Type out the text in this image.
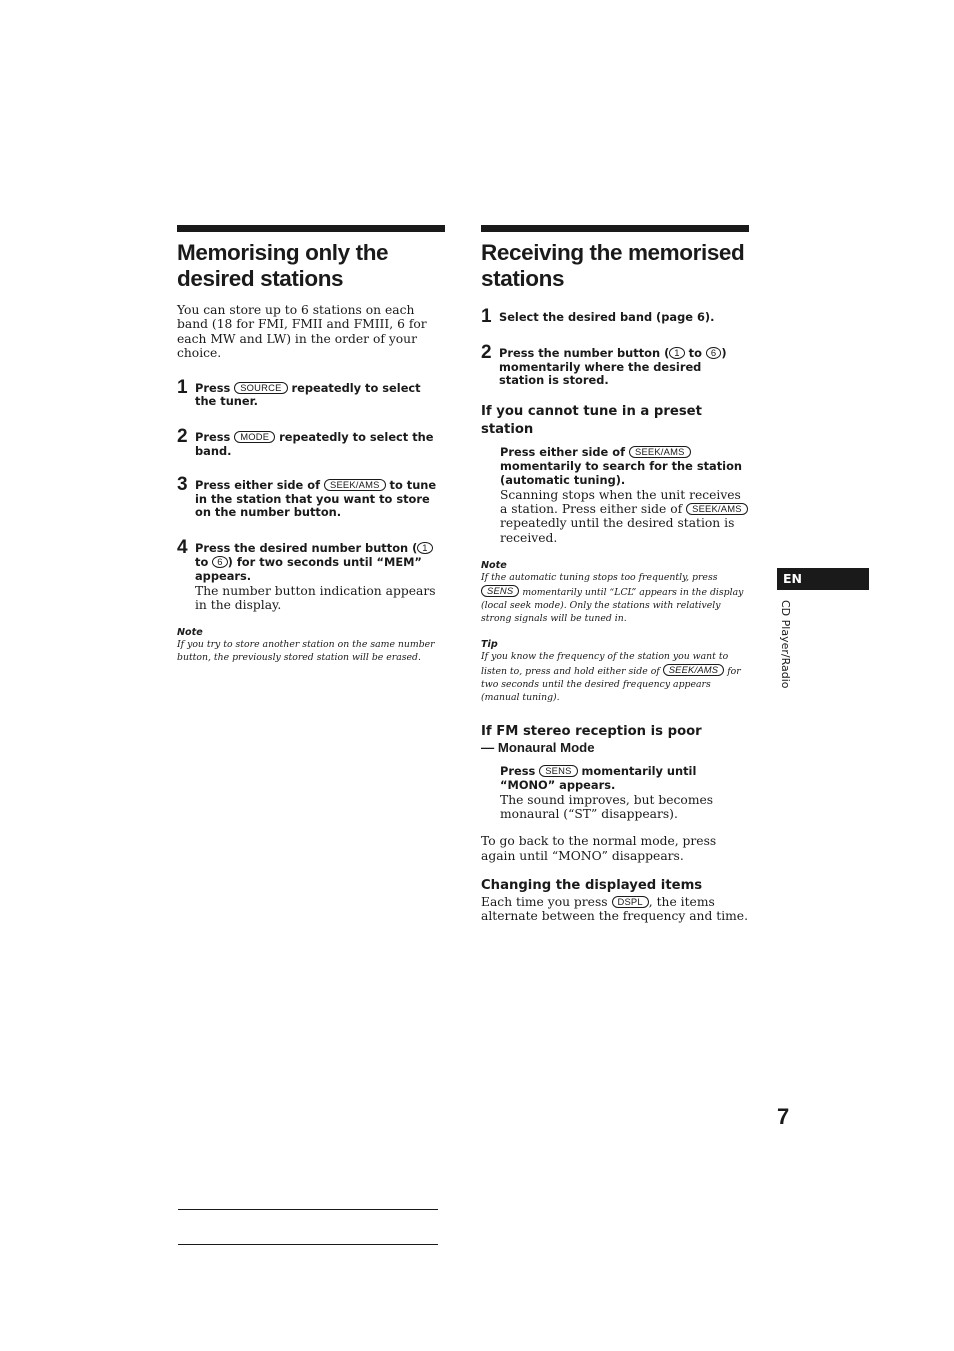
Memorising only the
desired stations

You can store up to 6 stations on each band (18 for FMI, FMII and FMIII, 6 for each MW and LW) in the order of your choice.

1 Press SOURCE repeatedly to select the tuner.
2 Press MODE repeatedly to select the band.
3 Press either side of SEEK/AMS to tune in the station that you want to store on the number button.
4 Press the desired number button ( 1 to 6 ) for two seconds until “MEM” appears.

The number button indication appears in the display.

Note

If you try to store another station on the same number button, the previously stored station will be erased.

Receiving the memorised
stations
1 Select the desired band (page 6).
2 Press the number button ( 1 to 6 ) momentarily where the desired station is stored.
If you cannot tune in a preset station
Press either side of SEEK/AMS momentarily to search for the station (automatic tuning).

Scanning stops when the unit receives a station. Press either side of SEEK/AMS repeatedly until the desired station is received.

Note

If the automatic tuning stops too frequently, press SENS momentarily until “LCL” appears in the display (local seek mode). Only the stations with relatively strong signals will be tuned in.

Tip

If you know the frequency of the station you want to listen to, press and hold either side of SEEK/AMS for two seconds until the desired frequency appears (manual tuning).

If FM stereo reception is poor
— Monaural Mode
Press SENS momentarily until “MONO” appears.

The sound improves, but becomes monaural (“ST” disappears).

To go back to the normal mode, press again until “MONO” disappears.

Changing the displayed items

Each time you press DSPL , the items alternate between the frequency and time.

EN
CD Player/Radio
7
